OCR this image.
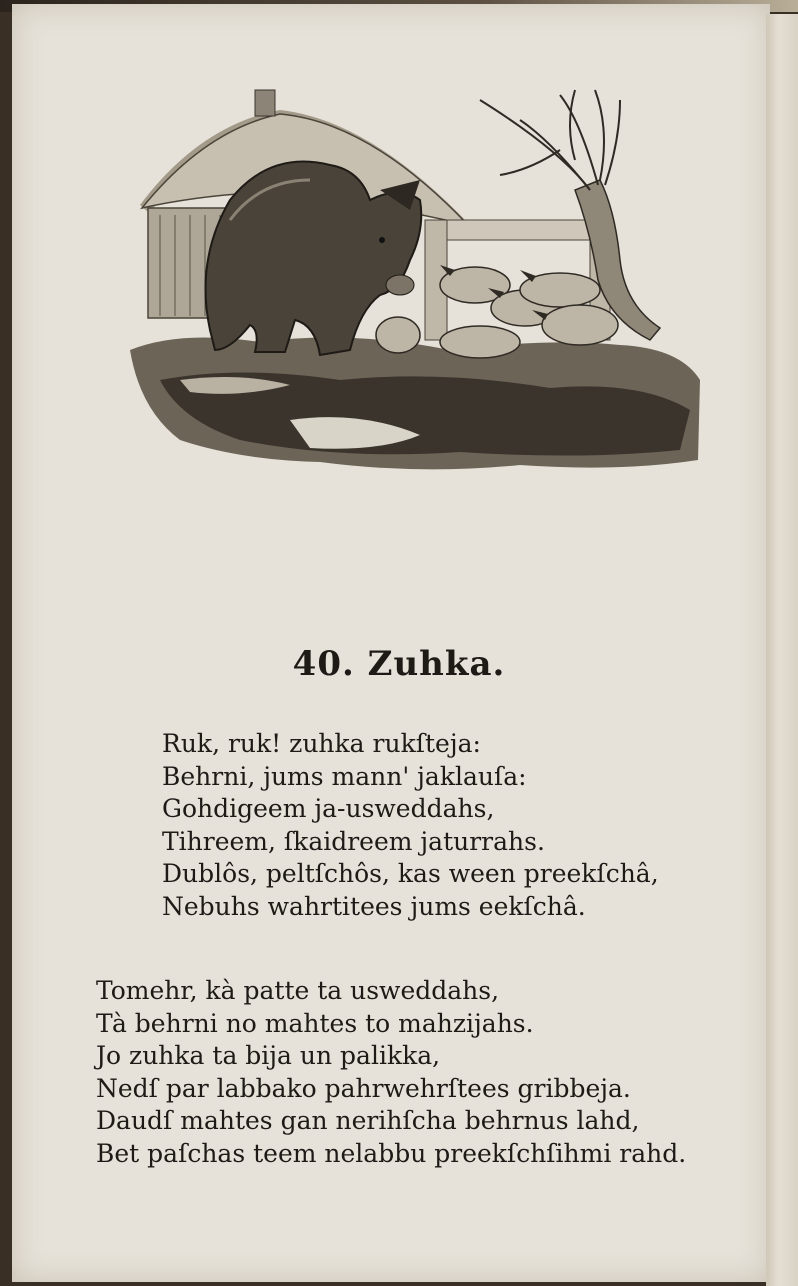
40. Zuhka.
Ruk, ruk! zuhka rukſteja:
Behrni, jums mann' jaklauſa:
Gohdigeem ja-uswedd​ahs,
Tihreem, ſkaidreem jaturrahs.
Dublôs, peltſchôs, kas ween preekſchâ,
Nebuhs wahrtitees jums eekſchâ.
Tomehr, kà patte ta uswedd​ahs,
Tà behrni no mahtes to mahzijahs.
Jo zuhka ta bija un palikka,
Nedſ par labbako pahrwehrſtees gribbeja.
Daudſ mahtes gan nerihſcha behrnus lahd,
Bet paſchas teem nelabbu preekſchſihmi rahd.
